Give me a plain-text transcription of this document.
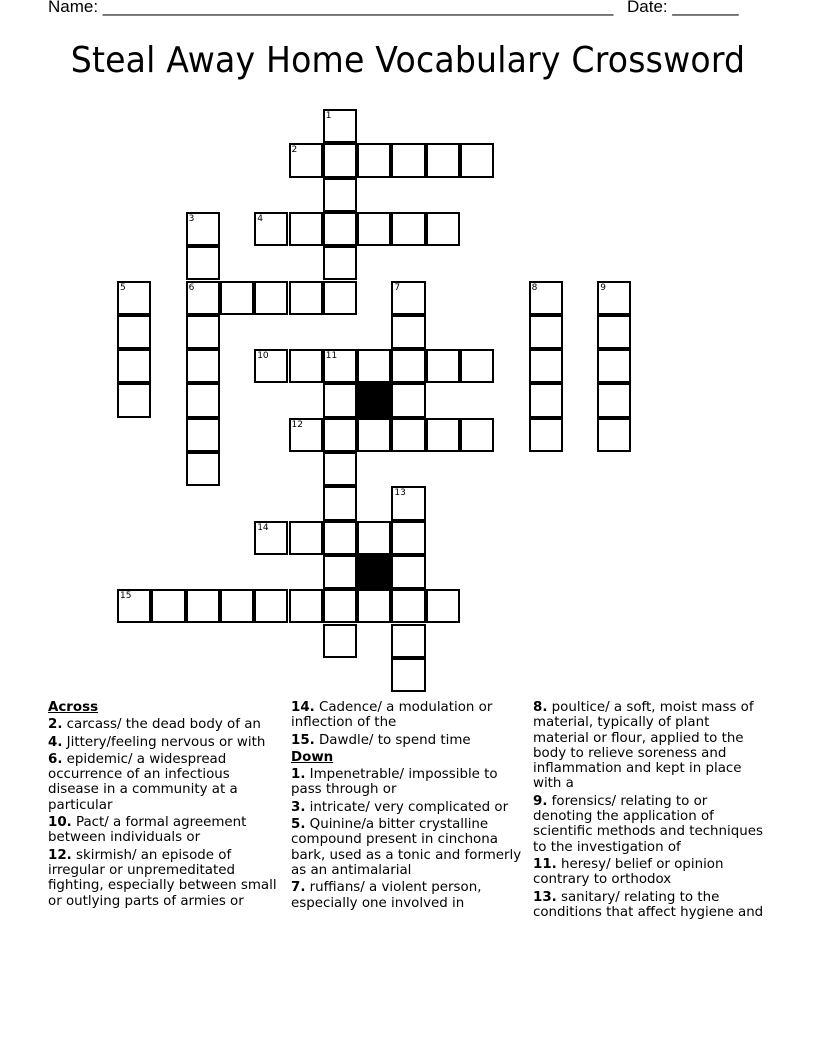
Name: ______________________________________________________ Date: _______
Steal Away Home Vocabulary Crossword
1
2
3
6
4
5	7	8	9
10	11
12
13
14
15
Across
2. carcass/ the dead body of an
4. Jittery/feeling nervous or with
6. epidemic/ a widespread occurrence of an infectious disease in a community at a particular
10. Pact/ a formal agreement between individuals or
12. skirmish/ an episode of irregular or unpremeditated fighting, especially between small or outlying parts of armies or
14. Cadence/ a modulation or inflection of the
15. Dawdle/ to spend time
Down
1. Impenetrable/ impossible to pass through or
3. intricate/ very complicated or
5. Quinine/a bitter crystalline compound present in cinchona bark, used as a tonic and formerly as an antimalarial
7. ruffians/ a violent person, especially one involved in
8. poultice/ a soft, moist mass of material, typically of plant material or flour, applied to the body to relieve soreness and inflammation and kept in place with a
9. forensics/ relating to or denoting the application of scientific methods and techniques to the investigation of
11. heresy/ belief or opinion contrary to orthodox
13. sanitary/ relating to the conditions that affect hygiene and
